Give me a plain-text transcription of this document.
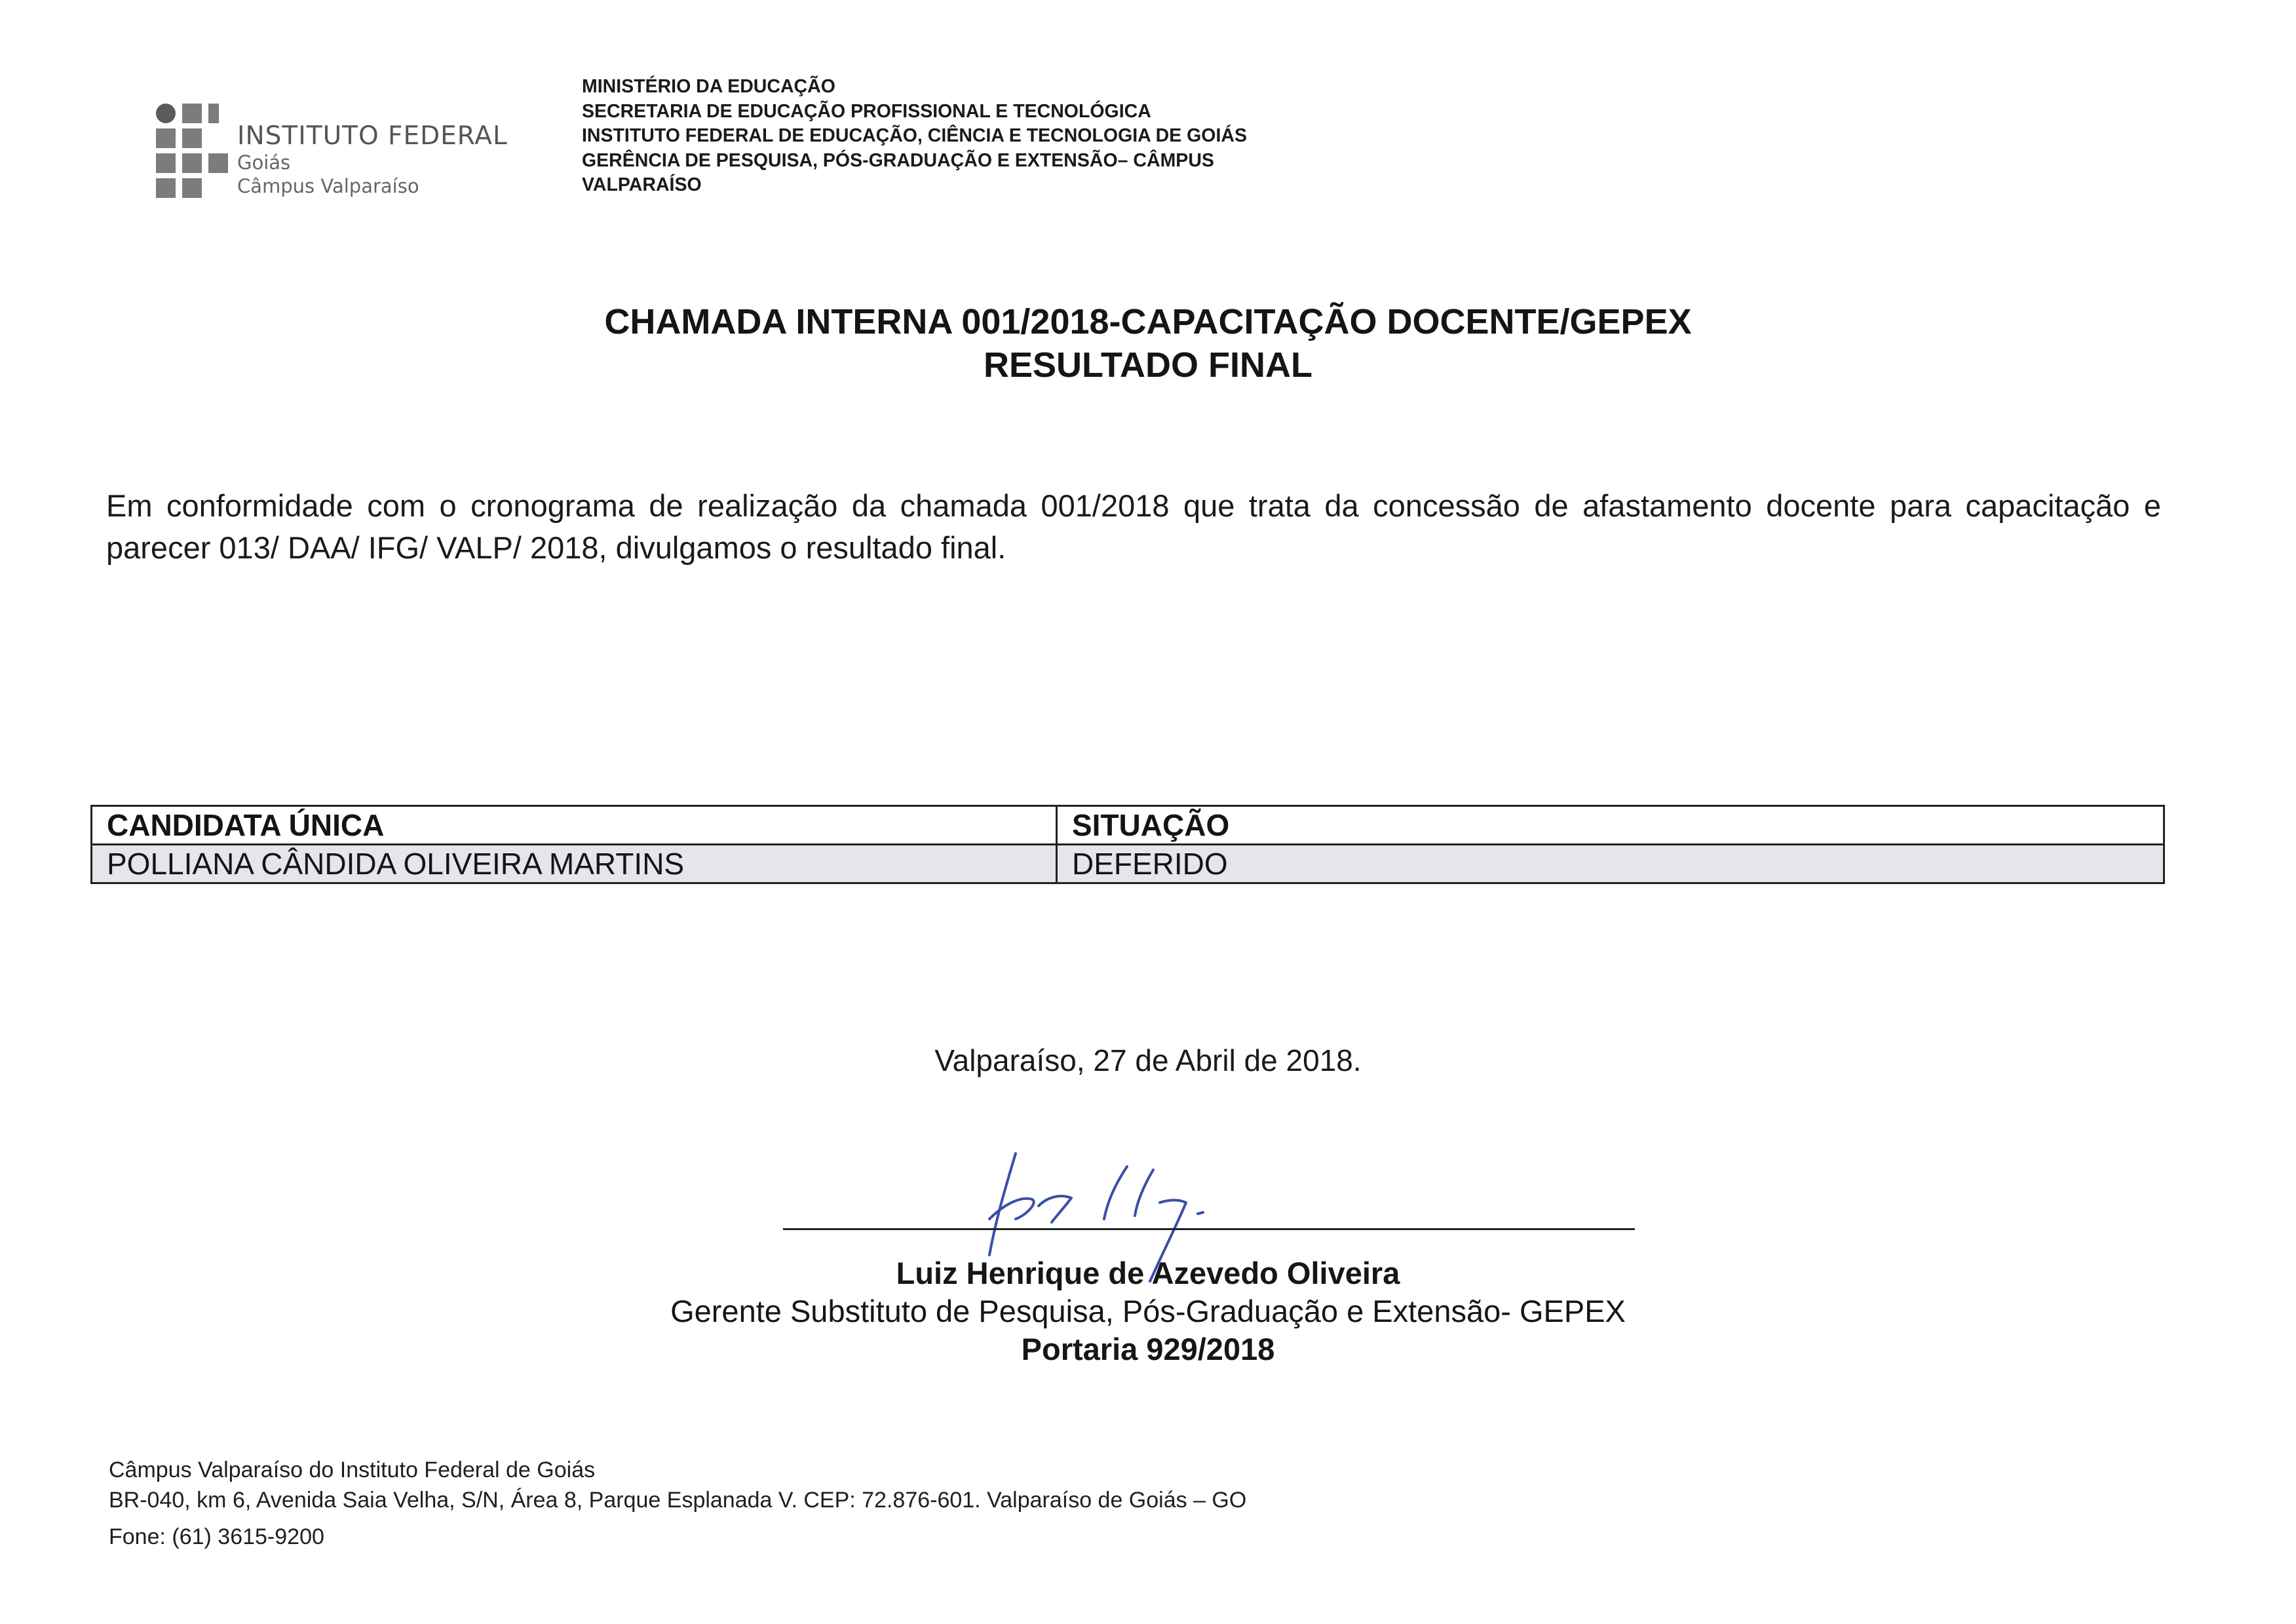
INSTITUTO FEDERAL
Goiás
Câmpus Valparaíso
MINISTÉRIO DA EDUCAÇÃO
SECRETARIA DE EDUCAÇÃO PROFISSIONAL E TECNOLÓGICA
INSTITUTO FEDERAL DE EDUCAÇÃO, CIÊNCIA E TECNOLOGIA DE GOIÁS
GERÊNCIA DE PESQUISA, PÓS-GRADUAÇÃO E EXTENSÃO– CÂMPUS
VALPARAÍSO
CHAMADA INTERNA 001/2018-CAPACITAÇÃO DOCENTE/GEPEX
RESULTADO FINAL
Em conformidade com o cronograma de realização da chamada 001/2018 que trata da concessão de afastamento docente para capacitação e parecer 013/ DAA/ IFG/ VALP/ 2018, divulgamos o resultado final.
CANDIDATA ÚNICA	SITUAÇÃO
POLLIANA CÂNDIDA OLIVEIRA MARTINS	DEFERIDO
Valparaíso, 27 de Abril de 2018.
Luiz Henrique de Azevedo Oliveira
Gerente Substituto de Pesquisa, Pós-Graduação e Extensão- GEPEX
Portaria 929/2018
Câmpus Valparaíso do Instituto Federal de Goiás
BR-040, km 6, Avenida Saia Velha, S/N, Área 8, Parque Esplanada V. CEP: 72.876-601. Valparaíso de Goiás – GO
Fone: (61) 3615-9200
